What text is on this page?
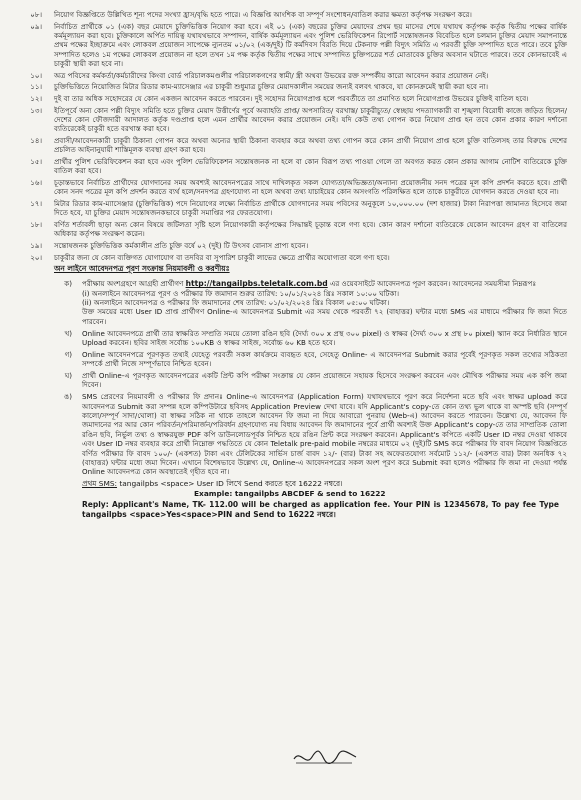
০৮।	নিয়োগ বিজ্ঞপ্তিতে উল্লিখিত শূন্য পদের সংখ্যা হ্রাস/বৃদ্ধি হতে পারে। এ বিজ্ঞপ্তি আংশিক বা সম্পূর্ণ সংশোধন/বাতিল করার ক্ষমতা কর্তৃপক্ষ সংরক্ষণ করে।
০৯।	নির্বাচিত প্রার্থীকে ০১ (এক) বছর মেয়াদে চুক্তিভিত্তিক নিয়োগ করা হবে। এই ০১ (এক) বছরের চুক্তির মেয়াদের প্রথম ছয় মাসের শেষে যথাযথ কর্তৃপক্ষ কর্তৃক দ্বিতীয় পক্ষের বার্ষিক কর্মমূল্যায়ন করা হবে। চুক্তিকালে অর্পিত দায়িত্ব যথাযথভাবে সম্পাদন, বার্ষিক কর্মমূল্যায়ন এবং পুলিশ ভেরিফিকেশন রিপোর্ট সন্তোষজনক বিবেচিত হলে চলমান চুক্তির মেয়াদ সমাপনান্তে প্রথম পক্ষের ইচ্ছাক্রমে এবং লোকবল প্রয়োজন সাপেক্ষে ন্যুনতম ০১/০২ (এক/দুই) টি কর্মদিবস বিরতি দিয়ে টেকনাফ পল্লী বিদ্যুৎ সমিতি এ পরবর্তী চুক্তি সম্পাদিত হতে পারে। তবে চুক্তি সম্পাদিত হলেও ১ম পক্ষের লোকবল প্রয়োজন না হলে তখন ১ম পক্ষ কর্তৃক দ্বিতীয় পক্ষের সাথে সম্পাদিত চুক্তিপত্রের শর্ত মোতাবেক চুক্তির অবসান ঘটাতে পারবে। তবে কোনভাবেই এ চাকুরী স্থায়ী করা হবে না।
১০।	অত্র পবিসের কর্মকর্তা/কর্মচারীদের কিংবা বোর্ড পরিচালকমণ্ডলীর পরিচালকগণের স্বামী/ স্ত্রী অথবা উভয়ের রক্ত সম্পর্কীয় কারো আবেদন করার প্রয়োজন নেই।
১১।	চুক্তিভিত্তিতে নিয়োজিত মিটার রিডার কাম-ম্যাসেঞ্জার এর চাকুরী শুধুমাত্র চুক্তির মেয়াদকালীন সময়ের জন্যই বলবৎ থাকবে, যা কোনক্রমেই স্থায়ী করা হবে না।
১২।	দুই বা তার অধিক সহোদরের যে কোন একজন আবেদন করতে পারবেন। দুই সহোদর নিয়োগপ্রাপ্ত হলে পরবর্তীতে তা প্রমাণিত হলে নিয়োগপ্রাপ্ত উভয়ের চুক্তিই বাতিল হবে।
১৩।	ইতিপূর্বে অন্য কোন পল্লী বিদ্যুৎ সমিতি হতে চুক্তির মেয়াদ উত্তীর্ণের পূর্বে অব্যাহতি প্রাপ্ত/ অপসারিত/ বরখাস্ত/ চাকুরীচ্যুত/ স্বেচ্ছায় পদত্যাগকারী বা শৃঙ্খলা বিরোধী কাজে জড়িত ছিলেন/দেশের কোন ফৌজদারী আদালত কর্তৃক দণ্ডপ্রাপ্ত হলে এমন প্রার্থীর আবেদন করার প্রয়োজন নেই। যদি কেউ তথ্য গোপন করে নিয়োগ প্রাপ্ত হন তবে কোন প্রকার কারণ দর্শানো ব্যতিরেকেই চাকুরী হতে বরখাস্ত করা হবে।
১৪।	প্রবাসী/আবেদনকারী চাকুরী ঠিকানা গোপন করে অথবা অন্যের স্থায়ী ঠিকানা ব্যবহার করে অথবা তথ্য গোপন করে কোন প্রার্থী নিয়োগ প্রাপ্ত হলে চুক্তি বাতিলসহ তার বিরুদ্ধে দেশের প্রচলিত আইনানুযায়ী শাস্তিমূলক ব্যবস্থা গ্রহণ করা হবে।
১৫।	প্রার্থীর পুলিশ ভেরিফিকেশন করা হবে এবং পুলিশ ভেরিফিকেশন সন্তোষজনক না হলে বা কোন বিরূপ তথ্য পাওয়া গেলে তা অবগত করত কোন প্রকার আগাম নোটিশ ব্যতিরেকে চুক্তি বাতিল করা হবে।
১৬।	চূড়ান্তভাবে নির্বাচিত প্রার্থীদের যোগদানের সময় অবশ্যই আবেদনপত্রের সাথে দাখিলকৃত সকল যোগ্যতা/অভিজ্ঞতা/অন্যান্য প্রয়োজনীয় সনদ পত্রের মূল কপি প্রদর্শন করতে হবে। প্রার্থী কোন সনদ পত্রের মূল কপি প্রদর্শন করতে ব্যর্থ হলে/সনদপত্র গ্রহণযোগ্য না হলে অথবা তথ্য যাচাইয়ের কোন অসংগতি পরিলক্ষিত হলে তাকে চাকুরীতে যোগদান করতে দেওয়া হবে না।
১৭।	মিটার রিডার কাম-ম্যাসেঞ্জার (চুক্তিভিত্তিক) পদে নিয়োগের লক্ষ্যে নির্বাচিত প্রার্থীকে যোগদানের সময় পবিসের অনুকূলে ১০,০০০.০০ (দশ হাজার) টাকা নিরাপত্তা জামানত হিসেবে জমা দিতে হবে, যা চুক্তির মেয়াদ সন্তোষজনকভাবে চাকুরী সমাপ্তির পর ফেরতযোগ্য।
১৮।	বর্ণিত শর্তাবলী ছাড়া অন্য কোন বিষয়ে জটিলতা সৃষ্টি হলে নিয়োগকারী কর্তৃপক্ষের সিদ্ধান্তই চূড়ান্ত বলে গণ্য হবে। কোন কারণ দর্শানো ব্যতিরেকে যেকোন আবেদন গ্রহণ বা বাতিলের অধিকার কর্তৃপক্ষ সংরক্ষণ করেন।
১৯।	সন্তোষজনক চুক্তিভিত্তিক কর্মকালীন প্রতি চুক্তি বর্ষে ০২ (দুই) টি উৎসব বোনাস প্রাপ্য হবেন।
২০।	চাকুরীর জন্য যে কোন ব্যক্তিগত যোগাযোগ বা তদবির বা সুপারিশ চাকুরী লাভের ক্ষেত্রে প্রার্থীর অযোগ্যতা বলে গণ্য হবে।
অন লাইনে আবেদনপত্র পূরণ সংক্রান্ত নিয়মাবলী ও করণীয়ঃ
ক)	পরীক্ষায় অংশগ্রহণে আগ্রহী প্রার্থীগণ http://tangailpbs.teletalk.com.bd এর ওয়েবসাইটে আবেদনপত্র পূরণ করবেন। আবেদনের সময়সীমা নিম্নরূপঃ
(i) অনলাইনে আবেদনপত্র পূরণ ও পরীক্ষার ফি জমাদান শুরুর তারিখ: ১০/০১/২০২৪ খ্রিঃ সকাল ১০:০০ ঘটিকা।
(ii) অনলাইনে আবেদনপত্র ও পরীক্ষার ফি জমাদানের শেষ তারিখ: ০১/০২/২০২৪ খ্রিঃ বিকাল ০৫:০০ ঘটিকা।
উক্ত সময়ের মধ্যে User ID প্রাপ্ত প্রার্থীগণ Online-এ আবেদনপত্র Submit এর সময় থেকে পরবর্তী ৭২ (বাহাত্তর) ঘন্টার মধ্যে SMS এর মাধ্যমে পরীক্ষার ফি জমা দিতে পারবেন।
খ)	Online আবেদনপত্রে প্রার্থী তার স্বাক্ষরিত সম্প্রতি সময়ে তোলা রঙিন ছবি (দৈর্ঘ্য ৩০০ x প্রস্থ ৩০০ pixel) ও স্বাক্ষর (দৈর্ঘ্য ৩০০ x প্রস্থ ৮০ pixel) স্ক্যান করে নির্ধারিত স্থানে Upload করবেন। ছবির সাইজ সর্বোচ্চ ১০০KB ও স্বাক্ষর সাইজ, সর্বোচ্চ ৬০ KB হতে হবে।
গ)	Online আবেদনপত্রে পূরণকৃত তথ্যই যেহেতু পরবর্তী সকল কার্যক্রমে ব্যবহৃত হবে, সেহেতু Online- এ আবেদনপত্র Submit করার পূর্বেই পূরণকৃত সকল তথ্যের সঠিকতা সম্পর্কে প্রার্থী নিজে সম্পূর্ণভাবে নিশ্চিত হবেন।
ঘ)	প্রার্থী Online-এ পূরণকৃত আবেদনপত্রের একটি প্রিন্ট কপি পরীক্ষা সংক্রান্ত যে কোন প্রয়োজনে সহায়ক হিসেবে সংরক্ষণ করবেন এবং মৌখিক পরীক্ষার সময় এক কপি জমা দিবেন।
ঙ)	SMS প্রেরণের নিয়মাবলী ও পরীক্ষার ফি প্রদানঃ Online-এ আবেদনপত্র (Application Form) যথাযথভাবে পূরণ করে নির্দেশনা মতে ছবি এবং স্বাক্ষর upload করে আবেদনপত্র Submit করা সম্পন্ন হলে কম্পিউটারে ছবিসহ Application Preview দেখা যাবে। যদি Applicant's copy-তে কোন তথ্য ভুল থাকে বা অস্পষ্ট ছবি (সম্পূর্ণ কালো/সম্পূর্ণ সাদা/ঘোলা) বা স্বাক্ষর সঠিক না থাকে তাহলে আবেদন ফি জমা না দিয়ে আবারো পুনরায় (Web-এ) আবেদন করতে পারবেন। উল্লেখ্য যে, আবেদন ফি জমাদানের পর আর কোন পরিবর্তন/পরিমার্জন/পরিবর্ধন গ্রহণযোগ্য নয় বিধায় আবেদন ফি জমাদানের পূর্বে প্রার্থী অবশ্যই উক্ত Applicant's copy-তে তার সাম্প্রতিক তোলা রঙিন ছবি, নির্ভুল তথ্য ও স্বাক্ষরযুক্ত PDF কপি ডাউনলোডপূর্বক নিশ্চিত হয়ে রঙিন প্রিন্ট করে সংরক্ষণ করবেন। Applicant's কপিতে একটি User ID নম্বর দেওয়া থাকবে এবং User ID নম্বর ব্যবহার করে প্রার্থী নিম্নোক্ত পদ্ধতিতে যে কোন Teletalk pre-paid mobile নম্বরের মাধ্যমে ০২ (দুই)টি SMS করে পরীক্ষার ফি বাবদ নিয়োগ বিজ্ঞপ্তিতে বর্ণিত পরীক্ষার ফি বাবদ ১০০/- (একশত) টাকা এবং টেলিটকের সার্ভিস চার্জ বাবদ ১২/- (বার) টাকা সহ অফেরতযোগ্য সর্বমোট ১১২/- (একশত বার) টাকা অনধিক ৭২ (বাহাত্তর) ঘন্টার মধ্যে জমা দিবেন। এখানে বিশেষভাবে উল্লেখ্য যে, Online-এ আবেদনপত্রের সকল অংশ পূরণ করে Submit করা হলেও পরীক্ষার ফি জমা না দেওয়া পর্যন্ত Online আবেদনপত্র কোন অবস্থাতেই গৃহীত হবে না।
প্রথম SMS: tangailpbs <space> User ID লিখে Send করতে হবে 16222 নম্বরে।
Example: tangailpbs ABCDEF & send to 16222
Reply: Applicant's Name, TK- 112.00 will be charged as application fee. Your PIN is 12345678, To pay fee Type tangailpbs <space>Yes<space>PIN and Send to 16222 নম্বরে।
